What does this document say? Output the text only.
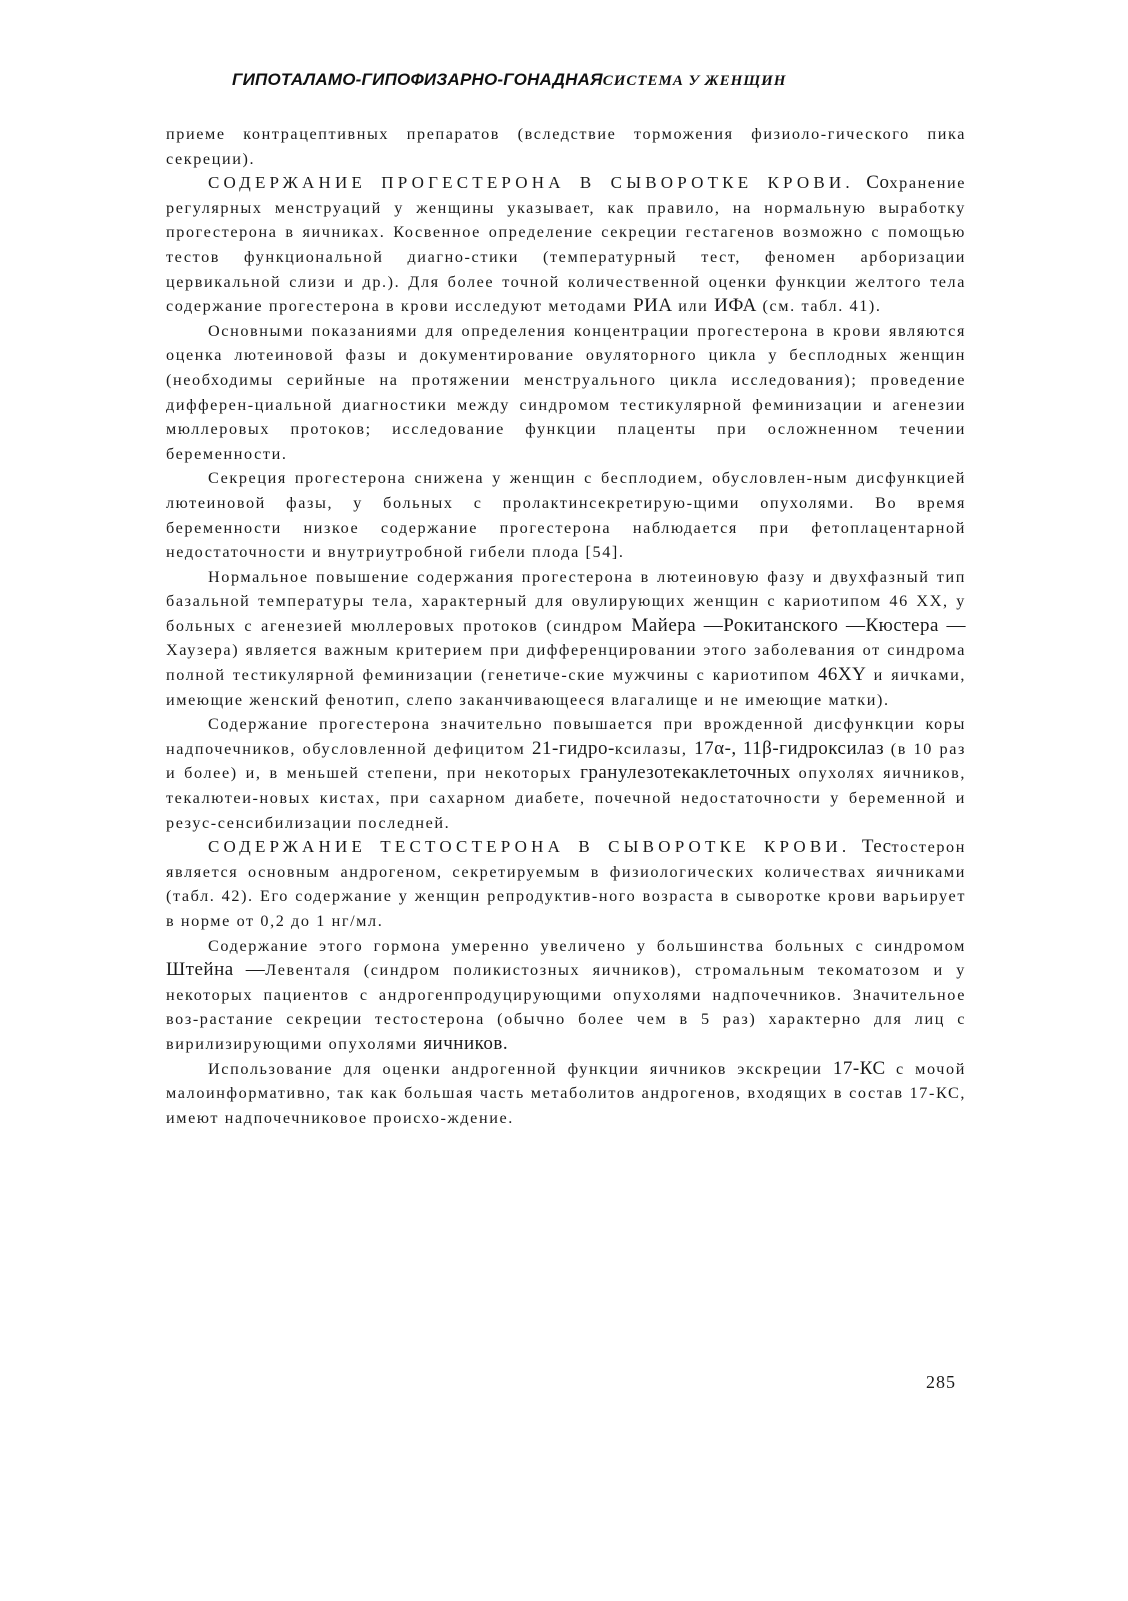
ГИПОТАЛАМО-ГИПОФИЗАРНО-ГОНАДНАЯСИСТЕМА У ЖЕНЩИН

приеме контрацептивных препаратов (вследствие торможения физиоло-гического пика секреции).

СОДЕРЖАНИЕ ПРОГЕСТЕРОНА В СЫВОРОТКЕ КРОВИ. Сохранение регулярных менструаций у женщины указывает, как правило, на нормальную выработку прогестерона в яичниках. Косвенное определение секреции гестагенов возможно с помощью тестов функциональной диагно-стики (температурный тест, феномен арборизации цервикальной слизи и др.). Для более точной количественной оценки функции желтого тела содержание прогестерона в крови исследуют методами РИА или ИФА (см. табл. 41).

Основными показаниями для определения концентрации прогестерона в крови являются оценка лютеиновой фазы и документирование овуляторного цикла у бесплодных женщин (необходимы серийные на протяжении менструального цикла исследования); проведение дифферен-циальной диагностики между синдромом тестикулярной феминизации и агенезии мюллеровых протоков; исследование функции плаценты при осложненном течении беременности.

Секреция прогестерона снижена у женщин с бесплодием, обусловлен-ным дисфункцией лютеиновой фазы, у больных с пролактинсекретирую-щими опухолями. Во время беременности низкое содержание прогестерона наблюдается при фетоплацентарной недостаточности и внутриутробной гибели плода [54].

Нормальное повышение содержания прогестерона в лютеиновую фазу и двухфазный тип базальной температуры тела, характерный для овулирующих женщин с кариотипом 46 XX, у больных с агенезией мюллеровых протоков (синдром Майера —Рокитанского —Кюстера — Хаузера) является важным критерием при дифференцировании этого заболевания от синдрома полной тестикулярной феминизации (генетиче-ские мужчины с кариотипом 46XY и яичками, имеющие женский фенотип, слепо заканчивающееся влагалище и не имеющие матки).

Содержание прогестерона значительно повышается при врожденной дисфункции коры надпочечников, обусловленной дефицитом 21-гидро-ксилазы, 17α-, 11β-гидроксилаз (в 10 раз и более) и, в меньшей степени, при некоторых гранулезотекаклеточных опухолях яичников, текалютеи-новых кистах, при сахарном диабете, почечной недостаточности у беременной и резус-сенсибилизации последней.

СОДЕРЖАНИЕ ТЕСТОСТЕРОНА В СЫВОРОТКЕ КРОВИ. Тестостерон является основным андрогеном, секретируемым в физиологических количествах яичниками (табл. 42). Его содержание у женщин репродуктив-ного возраста в сыворотке крови варьирует в норме от 0,2 до 1 нг/мл.

Содержание этого гормона умеренно увеличено у большинства больных с синдромом Штейна —Левенталя (синдром поликистозных яичников), стромальным текоматозом и у некоторых пациентов с андрогенпродуцирующими опухолями надпочечников. Значительное воз-растание секреции тестостерона (обычно более чем в 5 раз) характерно для лиц с вирилизирующими опухолями яичников.

Использование для оценки андрогенной функции яичников экскреции 17-КС с мочой малоинформативно, так как большая часть метаболитов андрогенов, входящих в состав 17-КС, имеют надпочечниковое происхо-ждение.

285
